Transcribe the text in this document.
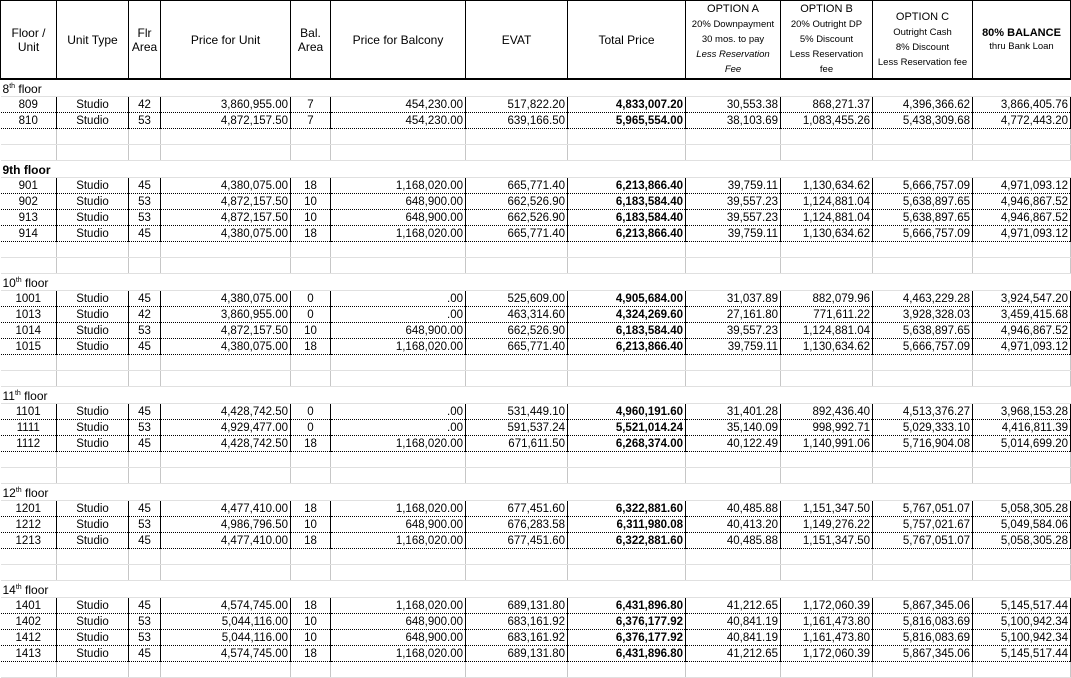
Floor / Unit	Unit Type	Flr Area	Price for Unit	Bal. Area	Price for Balcony	EVAT	Total Price	OPTION A
20% Downpayment
30 mos. to pay
Less Reservation Fee	OPTION B
20% Outright DP
5% Discount
Less Reservation fee	OPTION C
Outright Cash
8% Discount
Less Reservation fee	80% BALANCE
thru Bank Loan
8th floor											
809	Studio	42	3,860,955.00	7	454,230.00	517,822.20	4,833,007.20	30,553.38	868,271.37	4,396,366.62	3,866,405.76
810	Studio	53	4,872,157.50	7	454,230.00	639,166.50	5,965,554.00	38,103.69	1,083,455.26	5,438,309.68	4,772,443.20

9th floor											
901	Studio	45	4,380,075.00	18	1,168,020.00	665,771.40	6,213,866.40	39,759.11	1,130,634.62	5,666,757.09	4,971,093.12
902	Studio	53	4,872,157.50	10	648,900.00	662,526.90	6,183,584.40	39,557.23	1,124,881.04	5,638,897.65	4,946,867.52
913	Studio	53	4,872,157.50	10	648,900.00	662,526.90	6,183,584.40	39,557.23	1,124,881.04	5,638,897.65	4,946,867.52
914	Studio	45	4,380,075.00	18	1,168,020.00	665,771.40	6,213,866.40	39,759.11	1,130,634.62	5,666,757.09	4,971,093.12

10th floor											
1001	Studio	45	4,380,075.00	0	.00	525,609.00	4,905,684.00	31,037.89	882,079.96	4,463,229.28	3,924,547.20
1013	Studio	42	3,860,955.00	0	.00	463,314.60	4,324,269.60	27,161.80	771,611.22	3,928,328.03	3,459,415.68
1014	Studio	53	4,872,157.50	10	648,900.00	662,526.90	6,183,584.40	39,557.23	1,124,881.04	5,638,897.65	4,946,867.52
1015	Studio	45	4,380,075.00	18	1,168,020.00	665,771.40	6,213,866.40	39,759.11	1,130,634.62	5,666,757.09	4,971,093.12

11th floor											
1101	Studio	45	4,428,742.50	0	.00	531,449.10	4,960,191.60	31,401.28	892,436.40	4,513,376.27	3,968,153.28
1111	Studio	53	4,929,477.00	0	.00	591,537.24	5,521,014.24	35,140.09	998,992.71	5,029,333.10	4,416,811.39
1112	Studio	45	4,428,742.50	18	1,168,020.00	671,611.50	6,268,374.00	40,122.49	1,140,991.06	5,716,904.08	5,014,699.20

12th floor											
1201	Studio	45	4,477,410.00	18	1,168,020.00	677,451.60	6,322,881.60	40,485.88	1,151,347.50	5,767,051.07	5,058,305.28
1212	Studio	53	4,986,796.50	10	648,900.00	676,283.58	6,311,980.08	40,413.20	1,149,276.22	5,757,021.67	5,049,584.06
1213	Studio	45	4,477,410.00	18	1,168,020.00	677,451.60	6,322,881.60	40,485.88	1,151,347.50	5,767,051.07	5,058,305.28

14th floor											
1401	Studio	45	4,574,745.00	18	1,168,020.00	689,131.80	6,431,896.80	41,212.65	1,172,060.39	5,867,345.06	5,145,517.44
1402	Studio	53	5,044,116.00	10	648,900.00	683,161.92	6,376,177.92	40,841.19	1,161,473.80	5,816,083.69	5,100,942.34
1412	Studio	53	5,044,116.00	10	648,900.00	683,161.92	6,376,177.92	40,841.19	1,161,473.80	5,816,083.69	5,100,942.34
1413	Studio	45	4,574,745.00	18	1,168,020.00	689,131.80	6,431,896.80	41,212.65	1,172,060.39	5,867,345.06	5,145,517.44
